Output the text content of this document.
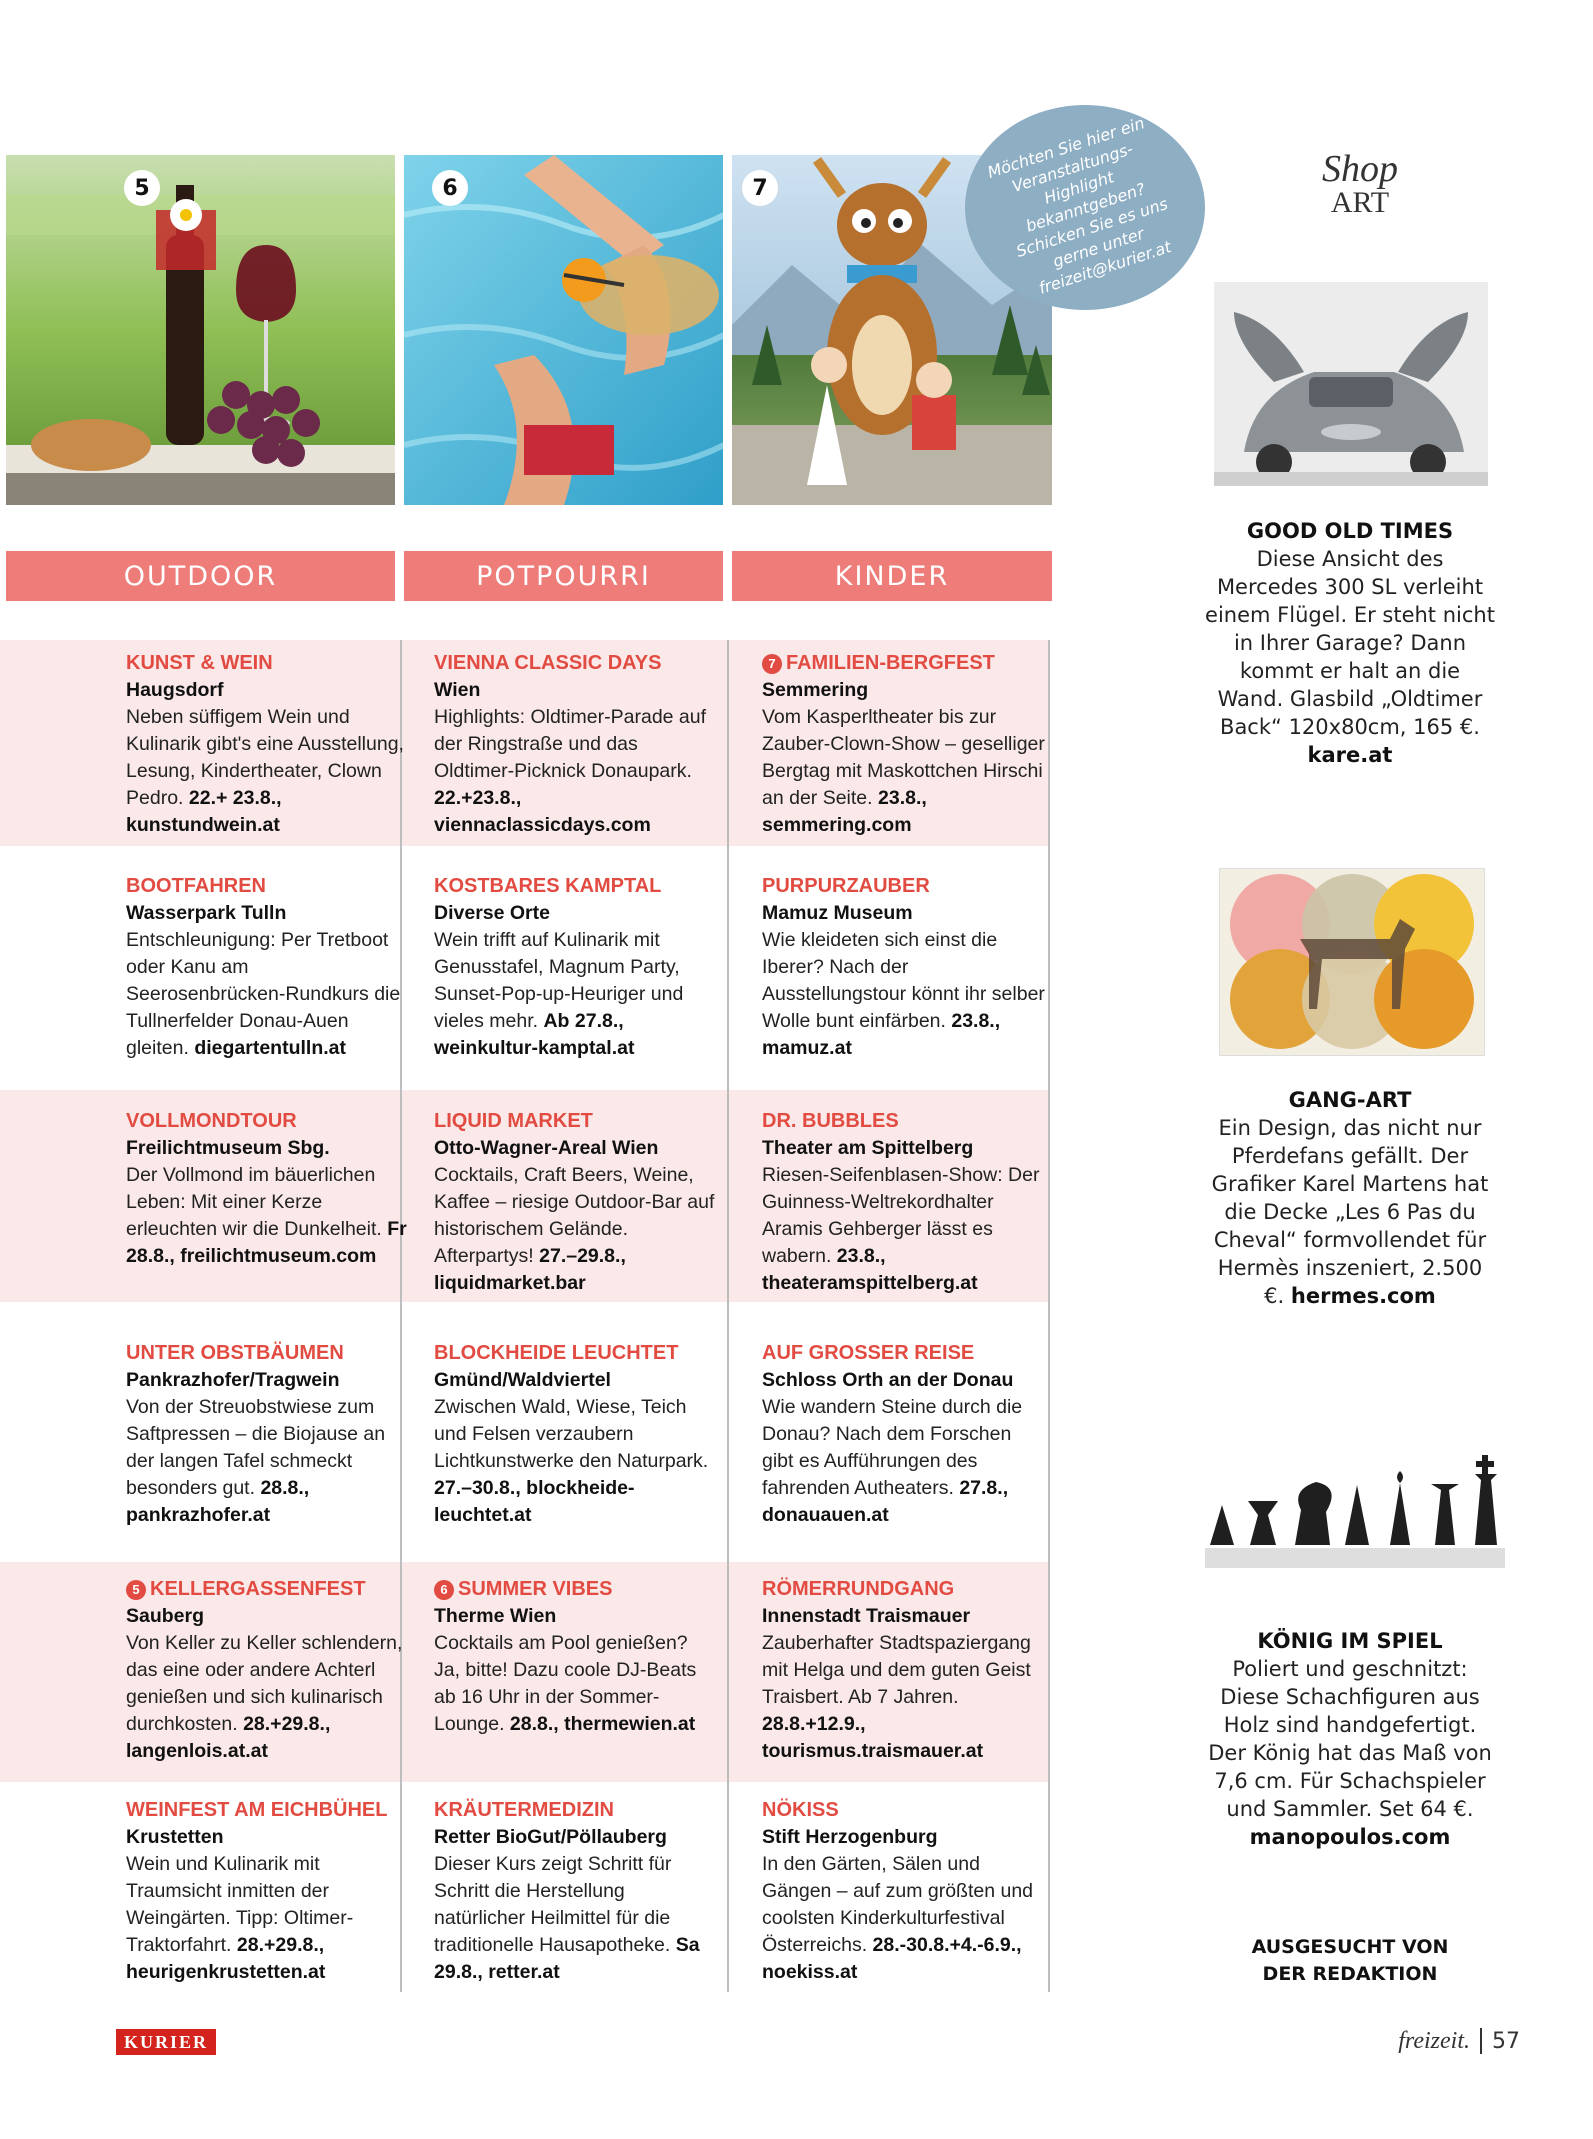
5	6	7
Möchten Sie hier ein Veranstaltungs-Highlight bekanntgeben? Schicken Sie es uns gerne unter freizeit@kurier.at
Shop
ART
OUTDOOR	POTPOURRI	KINDER
KUNST & WEIN
Haugsdorf
Neben süffigem Wein und Kulinarik gibt's eine Ausstellung, Lesung, Kindertheater, Clown Pedro. 22.+ 23.8., kunstundwein.at
BOOTFAHREN
Wasserpark Tulln
Entschleunigung: Per Tretboot oder Kanu am Seerosenbrücken-Rundkurs die Tullnerfelder Donau-Auen gleiten. diegartentulln.at
VOLLMONDTOUR
Freilichtmuseum Sbg.
Der Vollmond im bäuerlichen Leben: Mit einer Kerze erleuchten wir die Dunkelheit. Fr 28.8., freilichtmuseum.com
UNTER OBSTBÄUMEN
Pankrazhofer/Tragwein
Von der Streuobstwiese zum Saftpressen – die Biojause an der langen Tafel schmeckt besonders gut. 28.8., pankrazhofer.at
5 KELLERGASSENFEST
Sauberg
Von Keller zu Keller schlendern, das eine oder andere Achterl genießen und sich kulinarisch durchkosten. 28.+29.8., langenlois.at.at
WEINFEST AM EICHBÜHEL
Krustetten
Wein und Kulinarik mit Traumsicht inmitten der Weingärten. Tipp: Oltimer-Traktorfahrt. 28.+29.8., heurigenkrustetten.at
VIENNA CLASSIC DAYS
Wien
Highlights: Oldtimer-Parade auf der Ringstraße und das Oldtimer-Picknick Donaupark. 22.+23.8., viennaclassicdays.com
KOSTBARES KAMPTAL
Diverse Orte
Wein trifft auf Kulinarik mit Genusstafel, Magnum Party, Sunset-Pop-up-Heuriger und vieles mehr. Ab 27.8., weinkultur-kamptal.at
LIQUID MARKET
Otto-Wagner-Areal Wien
Cocktails, Craft Beers, Weine, Kaffee – riesige Outdoor-Bar auf historischem Gelände. Afterpartys! 27.–29.8., liquidmarket.bar
BLOCKHEIDE LEUCHTET
Gmünd/Waldviertel
Zwischen Wald, Wiese, Teich und Felsen verzaubern Lichtkunstwerke den Naturpark. 27.–30.8., blockheide-leuchtet.at
6 SUMMER VIBES
Therme Wien
Cocktails am Pool genießen? Ja, bitte! Dazu coole DJ-Beats ab 16 Uhr in der Sommer-Lounge. 28.8., thermewien.at
KRÄUTERMEDIZIN
Retter BioGut/Pöllauberg
Dieser Kurs zeigt Schritt für Schritt die Herstellung natürlicher Heilmittel für die traditionelle Hausapotheke. Sa 29.8., retter.at
7 FAMILIEN-BERGFEST
Semmering
Vom Kasperltheater bis zur Zauber-Clown-Show – geselliger Bergtag mit Maskottchen Hirschi an der Seite. 23.8., semmering.com
PURPURZAUBER
Mamuz Museum
Wie kleideten sich einst die Iberer? Nach der Ausstellungstour könnt ihr selber Wolle bunt einfärben. 23.8., mamuz.at
DR. BUBBLES
Theater am Spittelberg
Riesen-Seifenblasen-Show: Der Guinness-Weltrekordhalter Aramis Gehberger lässt es wabern. 23.8., theateramspittelberg.at
AUF GROSSER REISE
Schloss Orth an der Donau
Wie wandern Steine durch die Donau? Nach dem Forschen gibt es Aufführungen des fahrenden Autheaters. 27.8., donauauen.at
RÖMERRUNDGANG
Innenstadt Traismauer
Zauberhafter Stadtspaziergang mit Helga und dem guten Geist Traisbert. Ab 7 Jahren. 28.8.+12.9., tourismus.traismauer.at
NÖKISS
Stift Herzogenburg
In den Gärten, Sälen und Gängen – auf zum größten und coolsten Kinderkulturfestival Österreichs. 28.-30.8.+4.-6.9., noekiss.at
GOOD OLD TIMES
Diese Ansicht des Mercedes 300 SL verleiht einem Flügel. Er steht nicht in Ihrer Garage? Dann kommt er halt an die Wand. Glasbild „Oldtimer Back“ 120x80cm, 165 €. kare.at
GANG-ART
Ein Design, das nicht nur Pferdefans gefällt. Der Grafiker Karel Martens hat die Decke „Les 6 Pas du Cheval“ formvollendet für Hermès inszeniert, 2.500 €. hermes.com
KÖNIG IM SPIEL
Poliert und geschnitzt: Diese Schachfiguren aus Holz sind handgefertigt. Der König hat das Maß von 7,6 cm. Für Schachspieler und Sammler. Set 64 €. manopoulos.com
AUSGESUCHT VON
DER REDAKTION
KURIER	freizeit. 57
